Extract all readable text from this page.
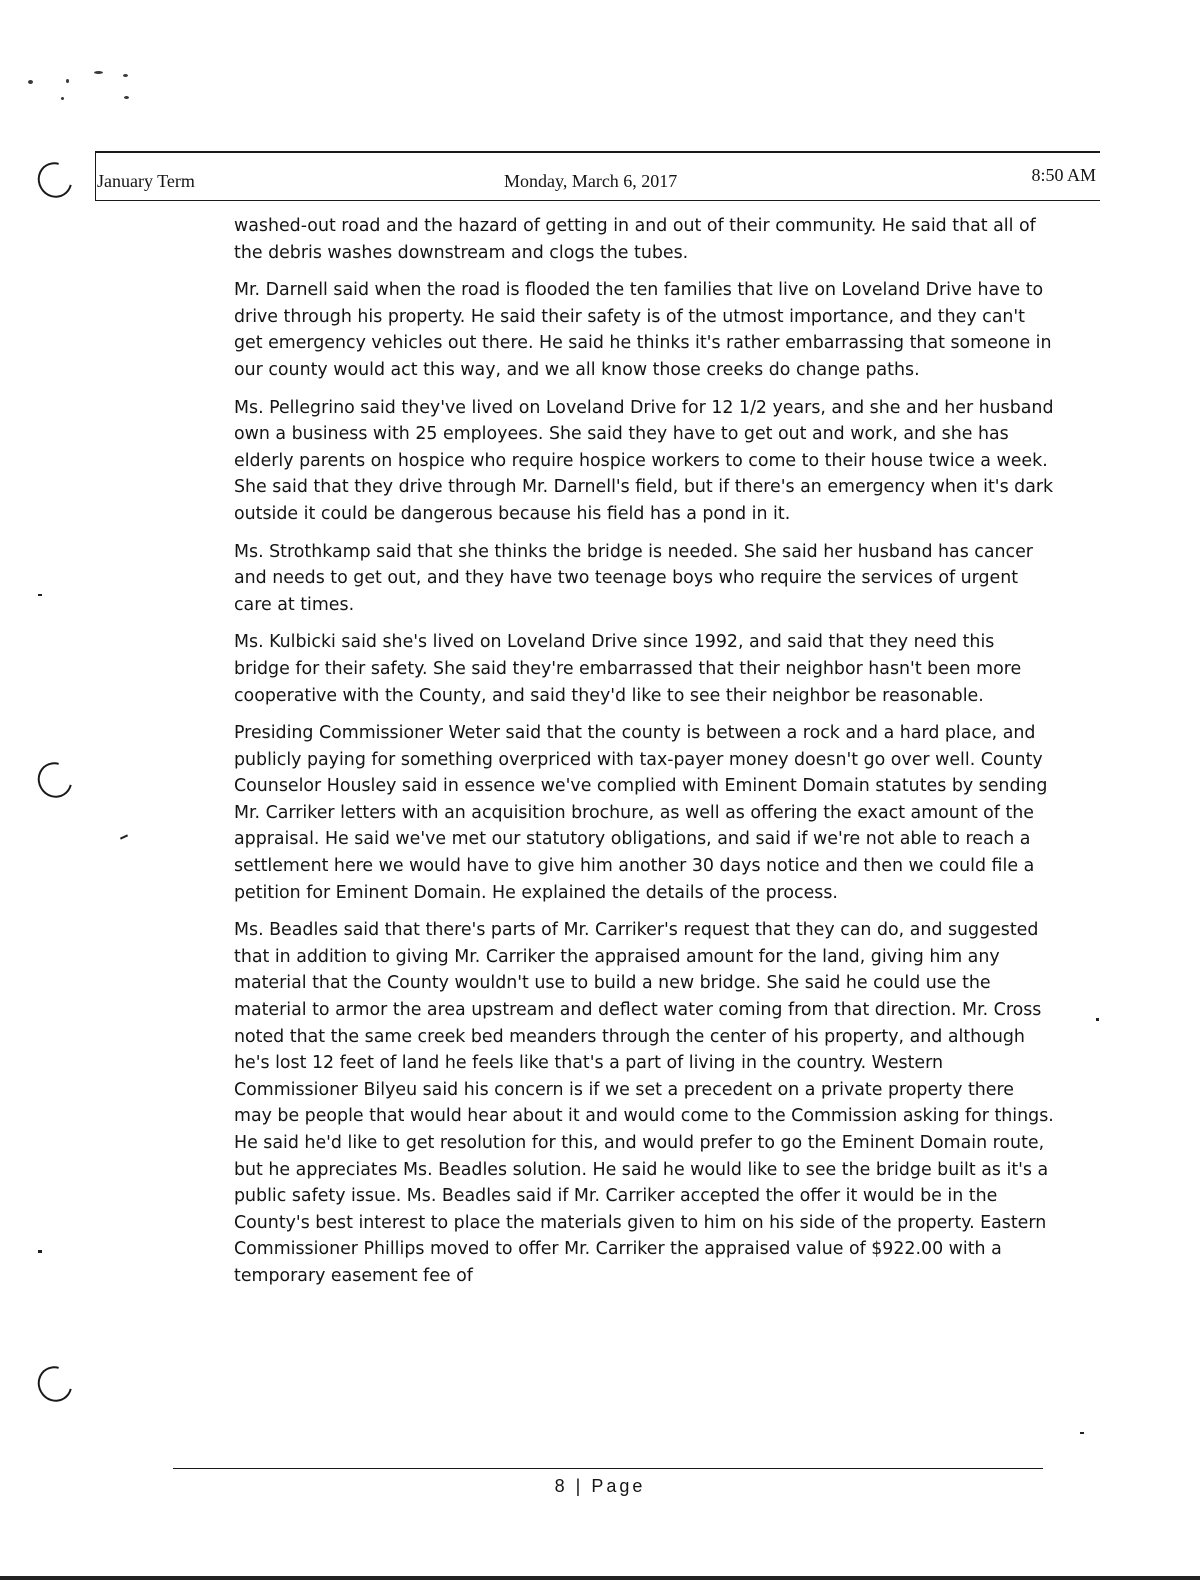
January Term	Monday, March 6, 2017	8:50 AM

washed-out road and the hazard of getting in and out of their community. He said that all of the debris washes downstream and clogs the tubes.

Mr. Darnell said when the road is flooded the ten families that live on Loveland Drive have to drive through his property. He said their safety is of the utmost importance, and they can't get emergency vehicles out there. He said he thinks it's rather embarrassing that someone in our county would act this way, and we all know those creeks do change paths.

Ms. Pellegrino said they've lived on Loveland Drive for 12 1/2 years, and she and her husband own a business with 25 employees. She said they have to get out and work, and she has elderly parents on hospice who require hospice workers to come to their house twice a week. She said that they drive through Mr. Darnell's field, but if there's an emergency when it's dark outside it could be dangerous because his field has a pond in it.

Ms. Strothkamp said that she thinks the bridge is needed. She said her husband has cancer and needs to get out, and they have two teenage boys who require the services of urgent care at times.

Ms. Kulbicki said she's lived on Loveland Drive since 1992, and said that they need this bridge for their safety. She said they're embarrassed that their neighbor hasn't been more cooperative with the County, and said they'd like to see their neighbor be reasonable.

Presiding Commissioner Weter said that the county is between a rock and a hard place, and publicly paying for something overpriced with tax-payer money doesn't go over well. County Counselor Housley said in essence we've complied with Eminent Domain statutes by sending Mr. Carriker letters with an acquisition brochure, as well as offering the exact amount of the appraisal. He said we've met our statutory obligations, and said if we're not able to reach a settlement here we would have to give him another 30 days notice and then we could file a petition for Eminent Domain. He explained the details of the process.

Ms. Beadles said that there's parts of Mr. Carriker's request that they can do, and suggested that in addition to giving Mr. Carriker the appraised amount for the land, giving him any material that the County wouldn't use to build a new bridge. She said he could use the material to armor the area upstream and deflect water coming from that direction. Mr. Cross noted that the same creek bed meanders through the center of his property, and although he's lost 12 feet of land he feels like that's a part of living in the country. Western Commissioner Bilyeu said his concern is if we set a precedent on a private property there may be people that would hear about it and would come to the Commission asking for things. He said he'd like to get resolution for this, and would prefer to go the Eminent Domain route, but he appreciates Ms. Beadles solution. He said he would like to see the bridge built as it's a public safety issue. Ms. Beadles said if Mr. Carriker accepted the offer it would be in the County's best interest to place the materials given to him on his side of the property. Eastern Commissioner Phillips moved to offer Mr. Carriker the appraised value of $922.00 with a temporary easement fee of

8 | Page
